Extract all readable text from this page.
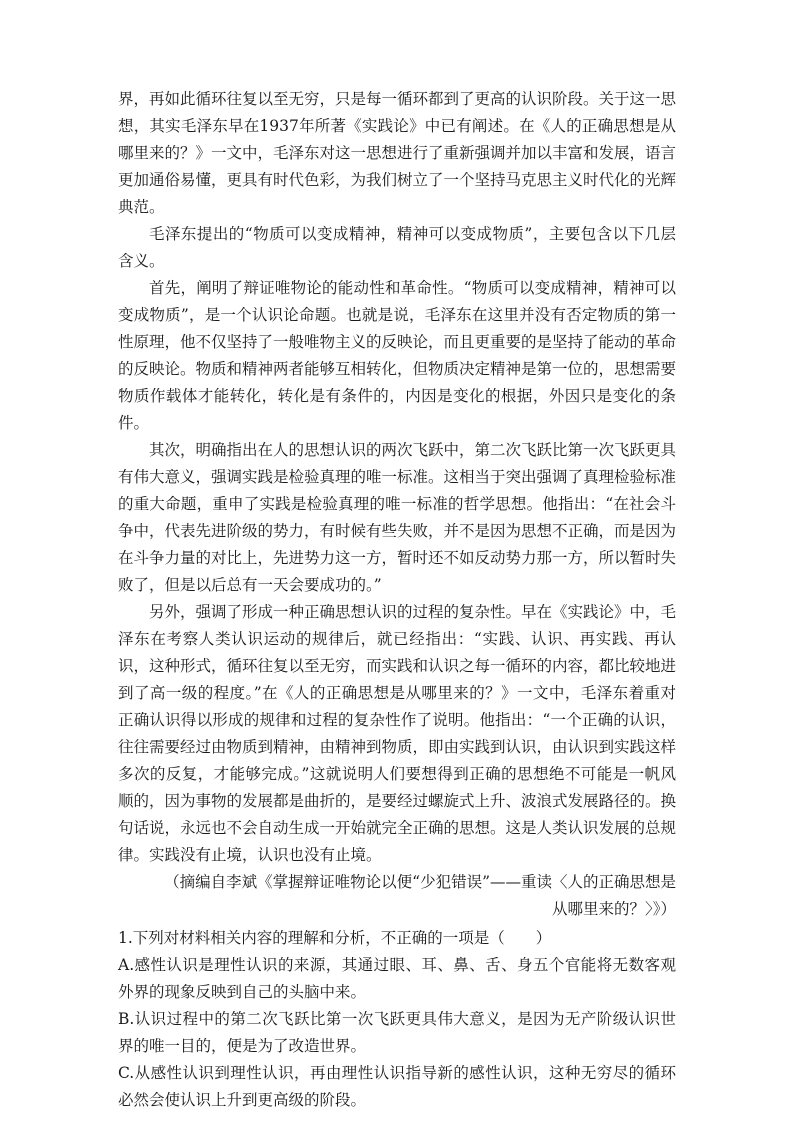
界，再如此循环往复以至无穷，只是每一循环都到了更高的认识阶段。关于这一思想，其实毛泽东早在1937年所著《实践论》中已有阐述。在《人的正确思想是从哪里来的？》一文中，毛泽东对这一思想进行了重新强调并加以丰富和发展，语言更加通俗易懂，更具有时代色彩，为我们树立了一个坚持马克思主义时代化的光辉典范。

毛泽东提出的“物质可以变成精神，精神可以变成物质”，主要包含以下几层含义。

首先，阐明了辩证唯物论的能动性和革命性。“物质可以变成精神，精神可以变成物质”，是一个认识论命题。也就是说，毛泽东在这里并没有否定物质的第一性原理，他不仅坚持了一般唯物主义的反映论，而且更重要的是坚持了能动的革命的反映论。物质和精神两者能够互相转化，但物质决定精神是第一位的，思想需要物质作载体才能转化，转化是有条件的，内因是变化的根据，外因只是变化的条件。

其次，明确指出在人的思想认识的两次飞跃中，第二次飞跃比第一次飞跃更具有伟大意义，强调实践是检验真理的唯一标准。这相当于突出强调了真理检验标准的重大命题，重申了实践是检验真理的唯一标准的哲学思想。他指出：“在社会斗争中，代表先进阶级的势力，有时候有些失败，并不是因为思想不正确，而是因为在斗争力量的对比上，先进势力这一方，暂时还不如反动势力那一方，所以暂时失败了，但是以后总有一天会要成功的。”

另外，强调了形成一种正确思想认识的过程的复杂性。早在《实践论》中，毛泽东在考察人类认识运动的规律后，就已经指出：“实践、认识、再实践、再认识，这种形式，循环往复以至无穷，而实践和认识之每一循环的内容，都比较地进到了高一级的程度。”在《人的正确思想是从哪里来的？》一文中，毛泽东着重对正确认识得以形成的规律和过程的复杂性作了说明。他指出：“一个正确的认识，往往需要经过由物质到精神，由精神到物质，即由实践到认识，由认识到实践这样多次的反复，才能够完成。”这就说明人们要想得到正确的思想绝不可能是一帆风顺的，因为事物的发展都是曲折的，是要经过螺旋式上升、波浪式发展路径的。换句话说，永远也不会自动生成一开始就完全正确的思想。这是人类认识发展的总规律。实践没有止境，认识也没有止境。

（摘编自李斌《掌握辩证唯物论以便“少犯错误”——重读〈人的正确思想是从哪里来的？〉》）

1.下列对材料相关内容的理解和分析，不正确的一项是（　　）

A.感性认识是理性认识的来源，其通过眼、耳、鼻、舌、身五个官能将无数客观外界的现象反映到自己的头脑中来。

B.认识过程中的第二次飞跃比第一次飞跃更具伟大意义，是因为无产阶级认识世界的唯一目的，便是为了改造世界。

C.从感性认识到理性认识，再由理性认识指导新的感性认识，这种无穷尽的循环必然会使认识上升到更高级的阶段。
